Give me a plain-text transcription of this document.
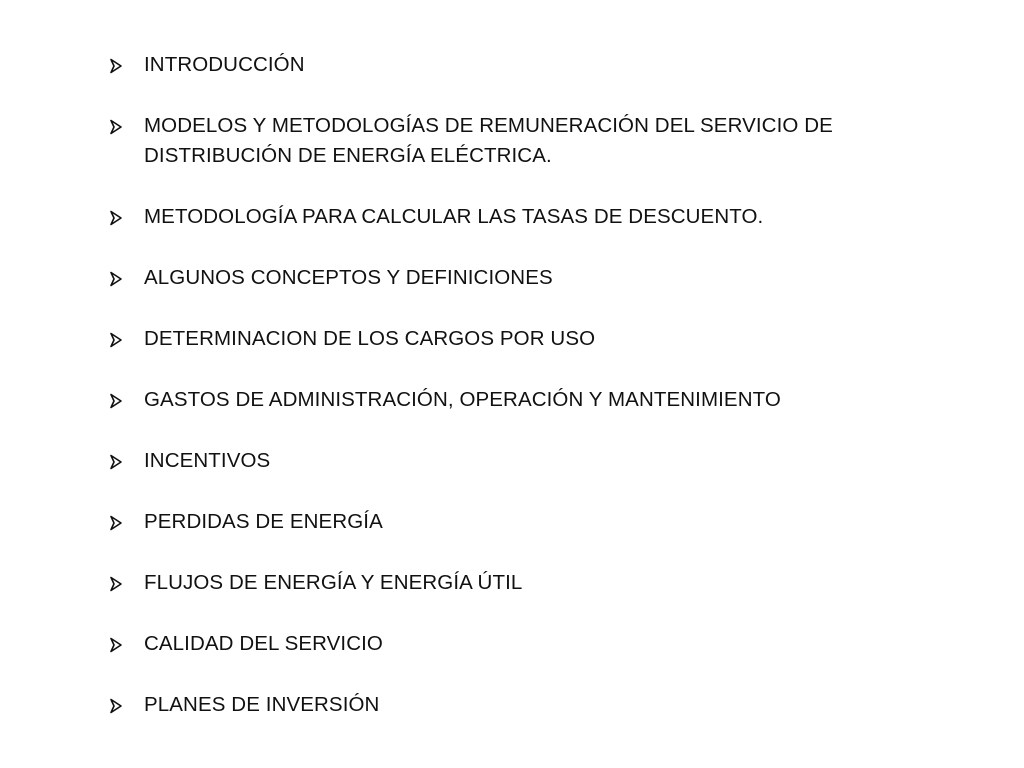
INTRODUCCIÓN
MODELOS Y METODOLOGÍAS DE REMUNERACIÓN DEL SERVICIO DE DISTRIBUCIÓN DE ENERGÍA ELÉCTRICA.
METODOLOGÍA PARA CALCULAR LAS TASAS DE DESCUENTO.
ALGUNOS CONCEPTOS Y DEFINICIONES
DETERMINACION DE LOS CARGOS POR USO
GASTOS DE ADMINISTRACIÓN, OPERACIÓN Y MANTENIMIENTO
INCENTIVOS
PERDIDAS DE ENERGÍA
FLUJOS DE ENERGÍA Y ENERGÍA ÚTIL
CALIDAD DEL SERVICIO
PLANES DE INVERSIÓN
